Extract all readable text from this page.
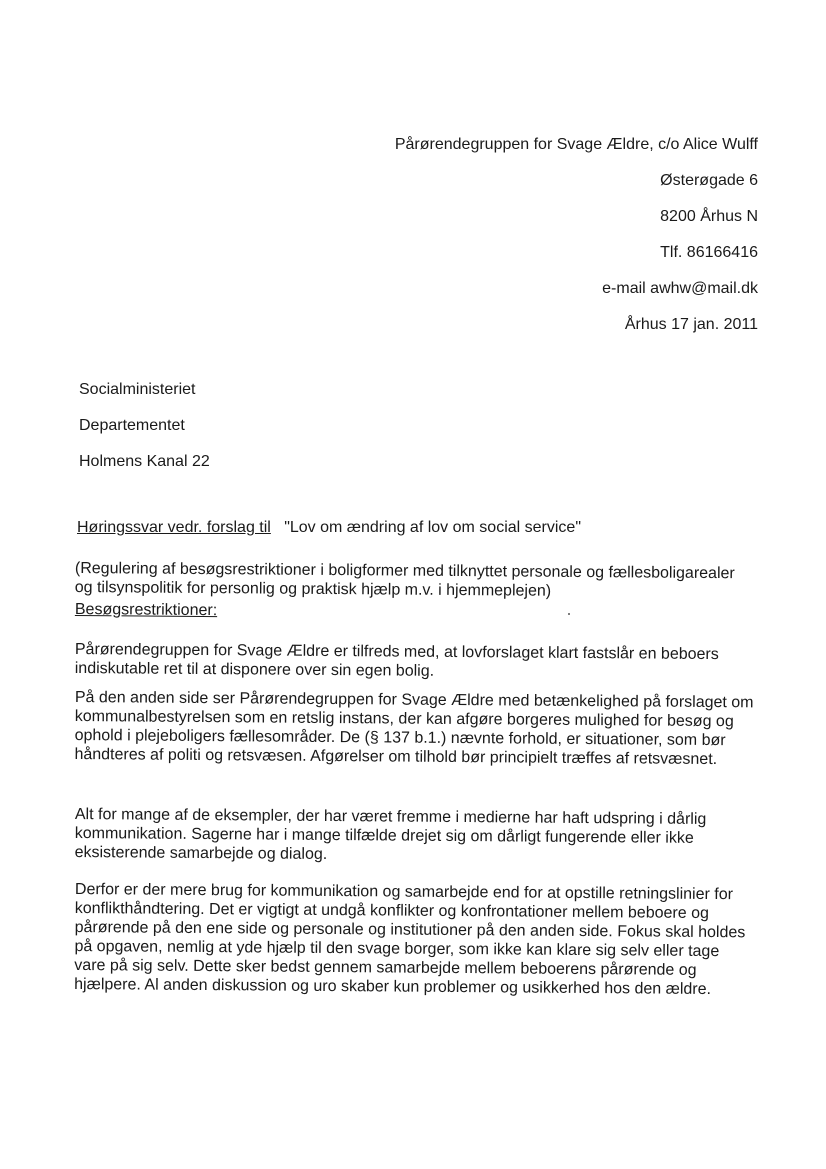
Pårørendegruppen for Svage Ældre, c/o Alice Wulff
Østerøgade 6
8200 Århus N
Tlf. 86166416
e-mail awhw@mail.dk
Århus 17 jan. 2011
Socialministeriet
Departementet
Holmens Kanal 22
Høringssvar vedr. forslag til "Lov om ændring af lov om social service"
(Regulering af besøgsrestriktioner i boligformer med tilknyttet personale og fællesboligarealer og tilsynspolitik for personlig og praktisk hjælp m.v. i hjemmeplejen)
Besøgsrestriktioner:
Pårørendegruppen for Svage Ældre er tilfreds med, at lovforslaget klart fastslår en beboers indiskutable ret til at disponere over sin egen bolig.
På den anden side ser Pårørendegruppen for Svage Ældre med betænkelighed på forslaget om kommunalbestyrelsen som en retslig instans, der kan afgøre borgeres mulighed for besøg og ophold i plejeboligers fællesområder. De (§ 137 b.1.) nævnte forhold, er situationer, som bør håndteres af politi og retsvæsen. Afgørelser om tilhold bør principielt træffes af retsvæsnet.
Alt for mange af de eksempler, der har været fremme i medierne har haft udspring i dårlig kommunikation. Sagerne har i mange tilfælde drejet sig om dårligt fungerende eller ikke eksisterende samarbejde og dialog.
Derfor er der mere brug for kommunikation og samarbejde end for at opstille retningslinier for konflikthåndtering. Det er vigtigt at undgå konflikter og konfrontationer mellem beboere og pårørende på den ene side og personale og institutioner på den anden side. Fokus skal holdes på opgaven, nemlig at yde hjælp til den svage borger, som ikke kan klare sig selv eller tage vare på sig selv. Dette sker bedst gennem samarbejde mellem beboerens pårørende og hjælpere. Al anden diskussion og uro skaber kun problemer og usikkerhed hos den ældre.
